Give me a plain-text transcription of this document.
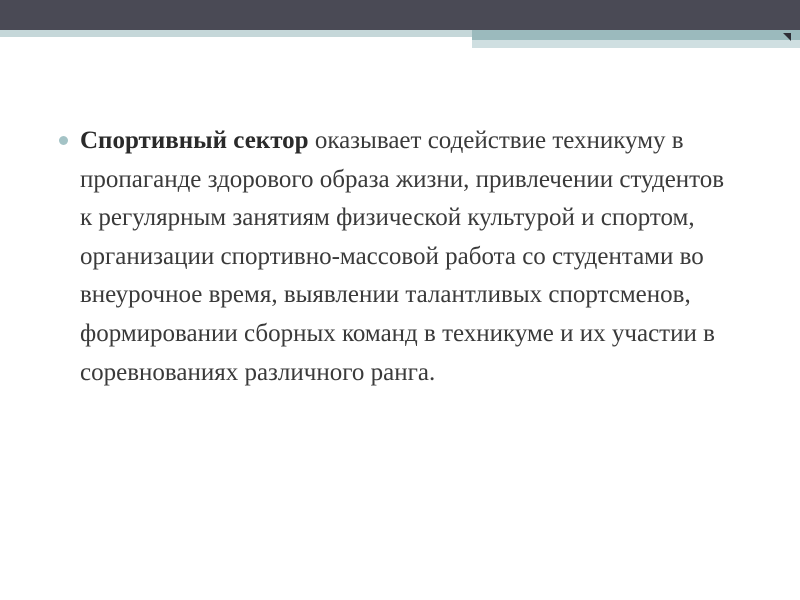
Спортивный сектор оказывает содействие техникуму в пропаганде здорового образа жизни, привлечении студентов к регулярным занятиям физической культурой и спортом, организации спортивно-массовой работа со студентами во внеурочное время, выявлении талантливых спортсменов, формировании сборных команд в техникуме и их участии в соревнованиях различного ранга.
